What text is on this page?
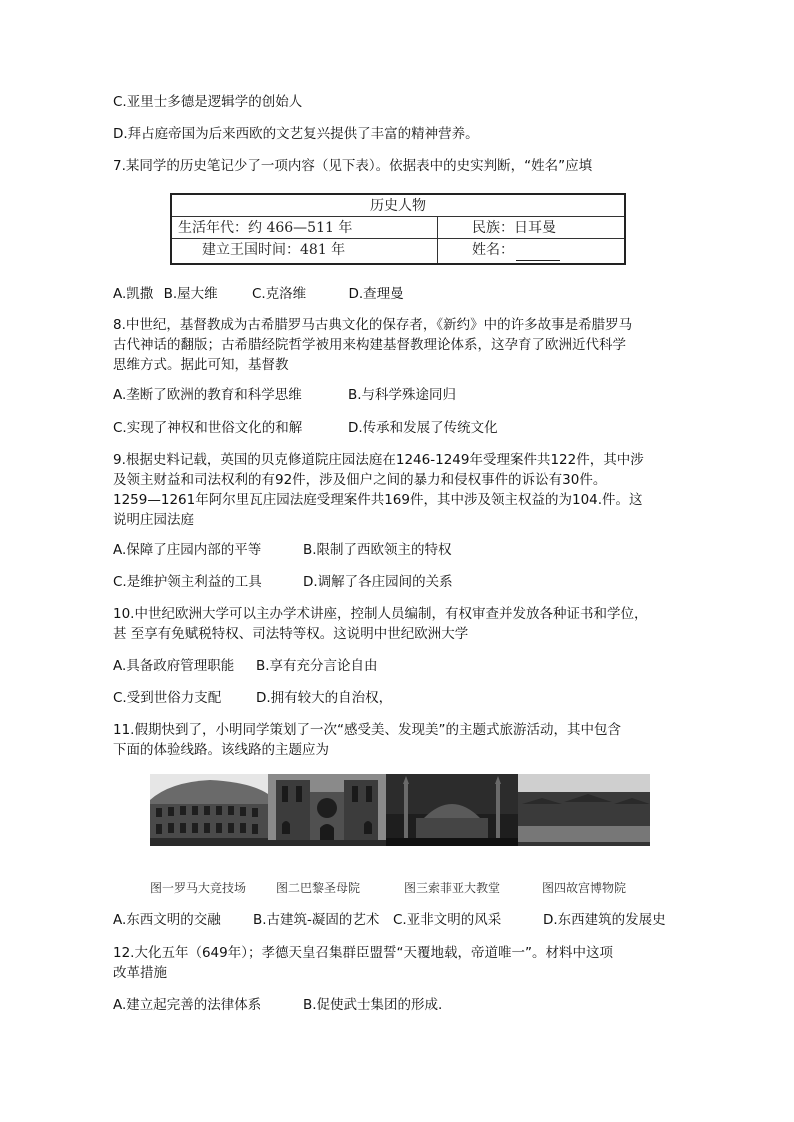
C.亚里士多德是逻辑学的创始人
D.拜占庭帝国为后来西欧的文艺复兴提供了丰富的精神营养。
7.某同学的历史笔记少了一项内容（见下表）。依据表中的史实判断，“姓名”应填
历史人物
生活年代：约 466—511 年	民族：日耳曼
建立王国时间：481 年	姓名：
A.凯撒 B.屋大维	C.克洛维	D.查理曼
8.中世纪，基督教成为古希腊罗马古典文化的保存者，《新约》中的许多故事是希腊罗马
古代神话的翻版；古希腊经院哲学被用来构建基督教理论体系，这孕育了欧洲近代科学
思维方式。据此可知，基督教
A.垄断了欧洲的教育和科学思维	B.与科学殊途同归
C.实现了神权和世俗文化的和解	D.传承和发展了传统文化
9.根据史料记载，英国的贝克修道院庄园法庭在1246-1249年受理案件共122件，其中涉
及领主财益和司法权利的有92件，涉及佃户之间的暴力和侵权事件的诉讼有30件。
1259—1261年阿尔里瓦庄园法庭受理案件共169件，其中涉及领主权益的为104.件。这
说明庄园法庭
A.保障了庄园内部的平等	B.限制了西欧领主的特权
C.是维护领主利益的工具	D.调解了各庄园间的关系
10.中世纪欧洲大学可以主办学术讲座，控制人员编制，有权审查并发放各种证书和学位，
甚 至享有免赋税特权、司法特等权。这说明中世纪欧洲大学
A.具备政府管理职能 B.享有充分言论自由
C.受到世俗力支配	D.拥有较大的自治权，
11.假期快到了，小明同学策划了一次“感受美、发现美”的主题式旅游活动，其中包含
下面的体验线路。该线路的主题应为
图一罗马大竞技场 图二巴黎圣母院	图三索菲亚大教堂	图四故宫博物院
A.东西文明的交融 B.古建筑-凝固的艺术 C.亚非文明的风采	D.东西建筑的发展史
12.大化五年（649年）；孝德天皇召集群臣盟誓“天覆地载，帝道唯一”。材料中这项
改革措施
A.建立起完善的法律体系	B.促使武士集团的形成.
